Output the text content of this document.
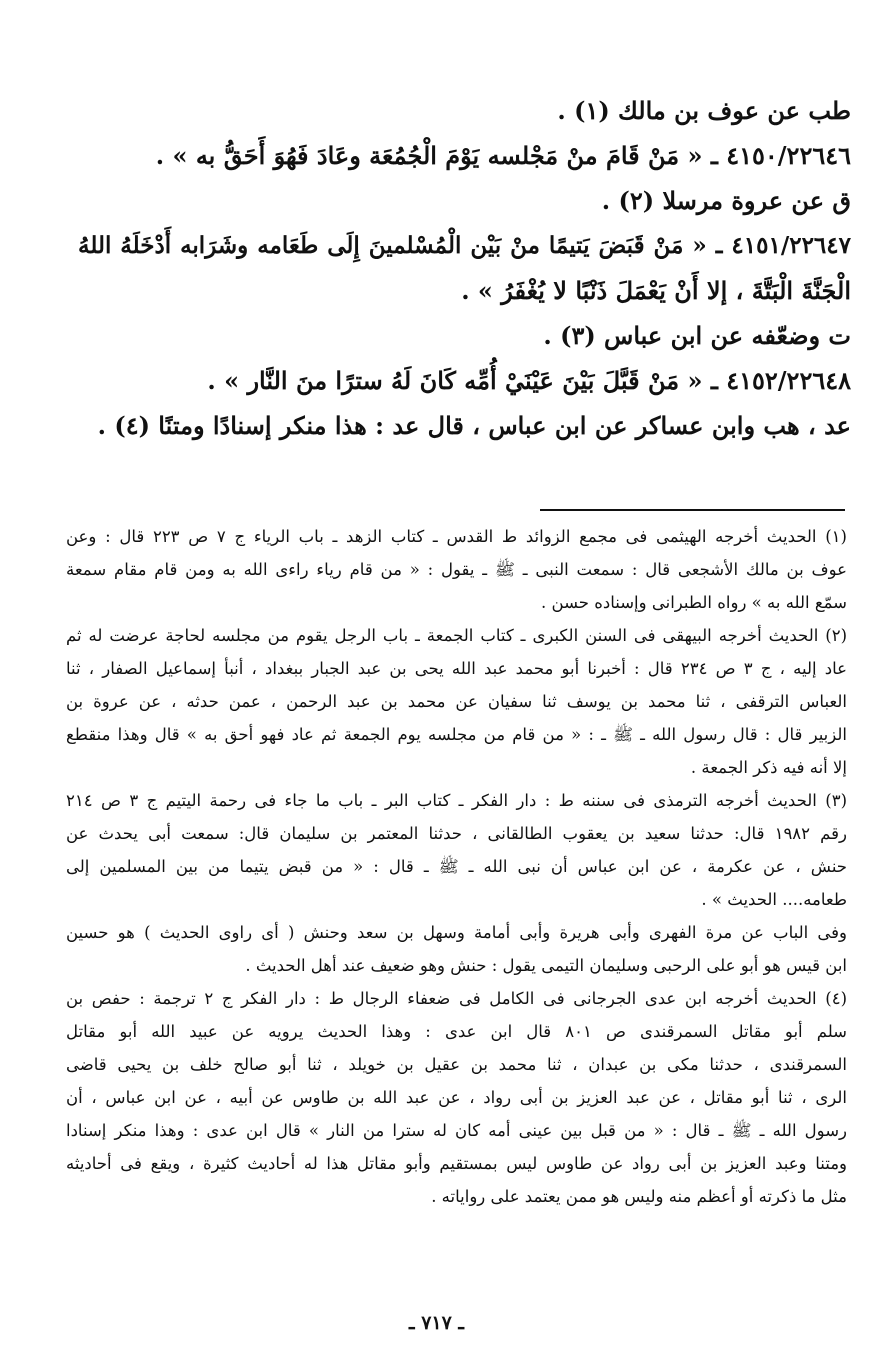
طب عن عوف بن مالك (١) .
٤١٥٠/٢٢٦٤٦ ـ « مَنْ قَامَ منْ مَجْلسه يَوْمَ الْجُمُعَة وعَادَ فَهُوَ أَحَقُّ به » .
ق عن عروة مرسلا (٢) .
٤١٥١/٢٢٦٤٧ ـ « مَنْ قَبَضَ يَتيمًا منْ بَيْن الْمُسْلمينَ إِلَى طَعَامه وشَرَابه أَدْخَلَهُ اللهُ
الْجَنَّةَ الْبَتَّةَ ، إلا أَنْ يَعْمَلَ ذَنْبًا لا يُغْفَرُ » .
ت وضعّفه عن ابن عباس (٣) .
٤١٥٢/٢٢٦٤٨ ـ « مَنْ قَبَّلَ بَيْنَ عَيْنَيْ أُمِّه كَانَ لَهُ سترًا منَ النَّار » .
عد ، هب وابن عساكر عن ابن عباس ، قال عد : هذا منكر إسنادًا ومتنًا (٤) .
(١) الحديث أخرجه الهيثمى فى مجمع الزوائد ط القدس ـ كتاب الزهد ـ باب الرياء ج ٧ ص ٢٢٣ قال : وعن
عوف بن مالك الأشجعى قال : سمعت النبى ـ ﷺ ـ يقول : « من قام رياء راءى الله به ومن قام مقام سمعة
سمّع الله به » رواه الطبرانى وإسناده حسن .
(٢) الحديث أخرجه البيهقى فى السنن الكبرى ـ كتاب الجمعة ـ باب الرجل يقوم من مجلسه لحاجة عرضت له ثم
عاد إليه ، ج ٣ ص ٢٣٤ قال : أخبرنا أبو محمد عبد الله يحى بن عبد الجبار ببغداد ، أنبأ إسماعيل الصفار ، ثنا
العباس الترقفى ، ثنا محمد بن يوسف ثنا سفيان عن محمد بن عبد الرحمن ، عمن حدثه ، عن عروة بن
الزبير قال : قال رسول الله ـ ﷺ ـ : « من قام من مجلسه يوم الجمعة ثم عاد فهو أحق به » قال وهذا منقطع
إلا أنه فيه ذكر الجمعة .
(٣) الحديث أخرجه الترمذى فى سننه ط : دار الفكر ـ كتاب البر ـ باب ما جاء فى رحمة اليتيم ج ٣ ص ٢١٤
رقم ١٩٨٢ قال: حدثنا سعيد بن يعقوب الطالقانى ، حدثنا المعتمر بن سليمان قال: سمعت أبى يحدث عن
حنش ، عن عكرمة ، عن ابن عباس أن نبى الله ـ ﷺ ـ قال : « من قبض يتيما من بين المسلمين إلى
طعامه.... الحديث » .
وفى الباب عن مرة الفهرى وأبى هريرة وأبى أمامة وسهل بن سعد وحنش ( أى راوى الحديث ) هو حسين
ابن قيس هو أبو على الرحبى وسليمان التيمى يقول : حنش وهو ضعيف عند أهل الحديث .
(٤) الحديث أخرجه ابن عدى الجرجانى فى الكامل فى ضعفاء الرجال ط : دار الفكر ج ٢ ترجمة : حفص بن
سلم أبو مقاتل السمرقندى ص ٨٠١ قال ابن عدى : وهذا الحديث يرويه عن عبيد الله أبو مقاتل
السمرقندى ، حدثنا مكى بن عبدان ، ثنا محمد بن عقيل بن خويلد ، ثنا أبو صالح خلف بن يحيى قاضى
الرى ، ثنا أبو مقاتل ، عن عبد العزيز بن أبى رواد ، عن عبد الله بن طاوس عن أبيه ، عن ابن عباس ، أن
رسول الله ـ ﷺ ـ قال : « من قبل بين عينى أمه كان له سترا من النار » قال ابن عدى : وهذا منكر إسنادا
ومتنا وعبد العزيز بن أبى رواد عن طاوس ليس بمستقيم وأبو مقاتل هذا له أحاديث كثيرة ، ويقع فى أحاديثه
مثل ما ذكرته أو أعظم منه وليس هو ممن يعتمد على رواياته .
ـ ٧١٧ ـ
